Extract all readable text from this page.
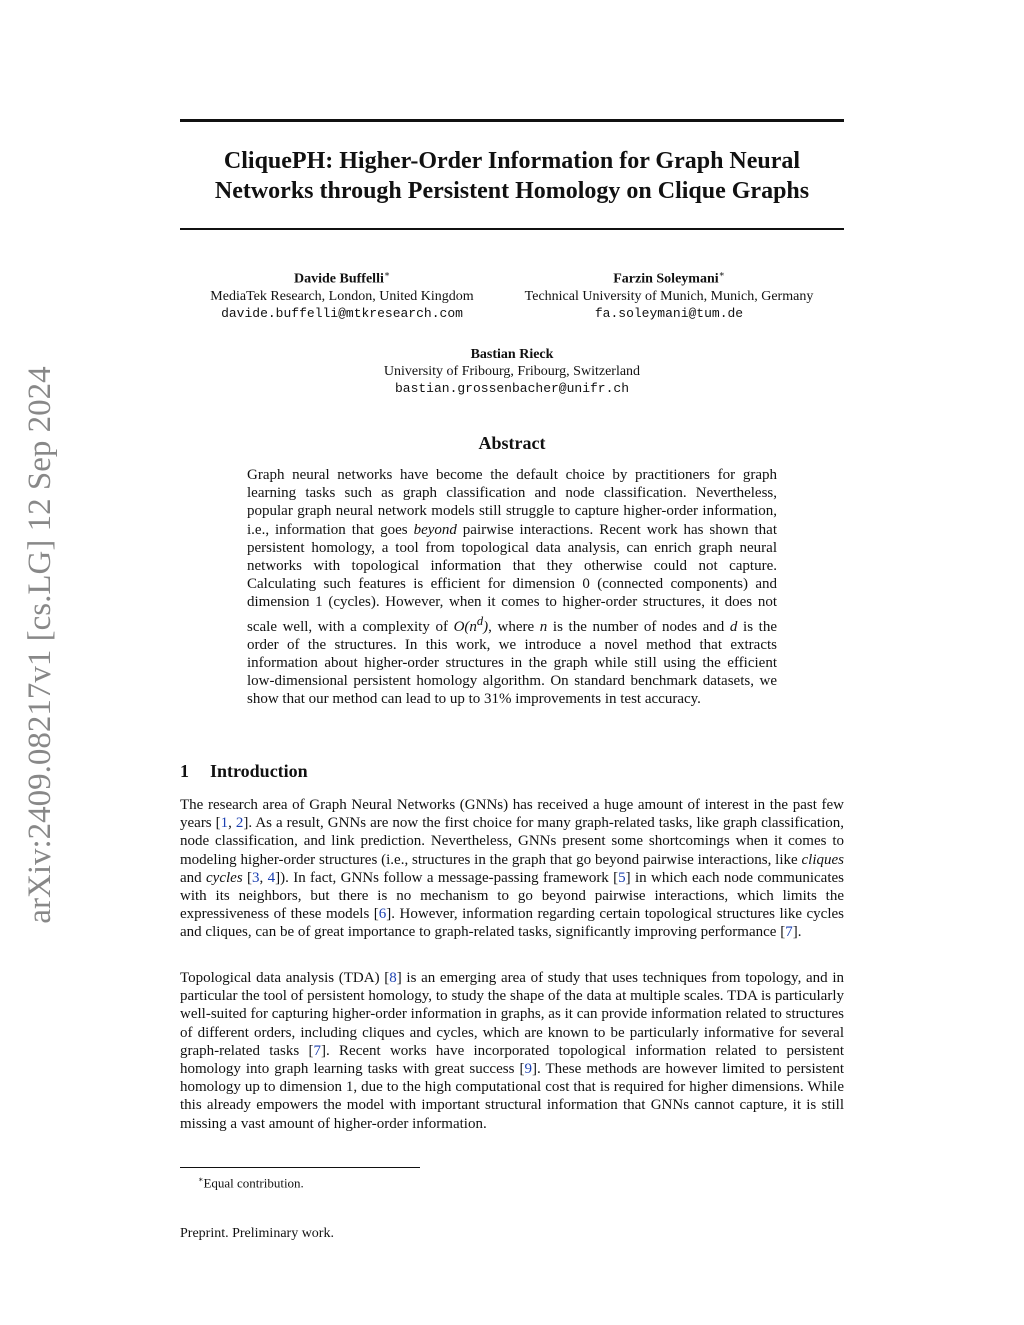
arXiv:2409.08217v1 [cs.LG] 12 Sep 2024
CliquePH: Higher-Order Information for Graph Neural Networks through Persistent Homology on Clique Graphs
Davide Buffelli∗
MediaTek Research, London, United Kingdom
davide.buffelli@mtkresearch.com
Farzin Soleymani∗
Technical University of Munich, Munich, Germany
fa.soleymani@tum.de
Bastian Rieck
University of Fribourg, Fribourg, Switzerland
bastian.grossenbacher@unifr.ch
Abstract
Graph neural networks have become the default choice by practitioners for graph learning tasks such as graph classification and node classification. Nevertheless, popular graph neural network models still struggle to capture higher-order information, i.e., information that goes beyond pairwise interactions. Recent work has shown that persistent homology, a tool from topological data analysis, can enrich graph neural networks with topological information that they otherwise could not capture. Calculating such features is efficient for dimension 0 (connected components) and dimension 1 (cycles). However, when it comes to higher-order structures, it does not scale well, with a complexity of $O(n^d)$, where n is the number of nodes and d is the order of the structures. In this work, we introduce a novel method that extracts information about higher-order structures in the graph while still using the efficient low-dimensional persistent homology algorithm. On standard benchmark datasets, we show that our method can lead to up to 31% improvements in test accuracy.
1 Introduction
The research area of Graph Neural Networks (GNNs) has received a huge amount of interest in the past few years [1, 2]. As a result, GNNs are now the first choice for many graph-related tasks, like graph classification, node classification, and link prediction. Nevertheless, GNNs present some shortcomings when it comes to modeling higher-order structures (i.e., structures in the graph that go beyond pairwise interactions, like cliques and cycles [3, 4]). In fact, GNNs follow a message-passing framework [5] in which each node communicates with its neighbors, but there is no mechanism to go beyond pairwise interactions, which limits the expressiveness of these models [6]. However, information regarding certain topological structures like cycles and cliques, can be of great importance to graph-related tasks, significantly improving performance [7].
Topological data analysis (TDA) [8] is an emerging area of study that uses techniques from topology, and in particular the tool of persistent homology, to study the shape of the data at multiple scales. TDA is particularly well-suited for capturing higher-order information in graphs, as it can provide information related to structures of different orders, including cliques and cycles, which are known to be particularly informative for several graph-related tasks [7]. Recent works have incorporated topological information related to persistent homology into graph learning tasks with great success [9]. These methods are however limited to persistent homology up to dimension 1, due to the high computational cost that is required for higher dimensions. While this already empowers the model with important structural information that GNNs cannot capture, it is still missing a vast amount of higher-order information.
∗Equal contribution.
Preprint. Preliminary work.
